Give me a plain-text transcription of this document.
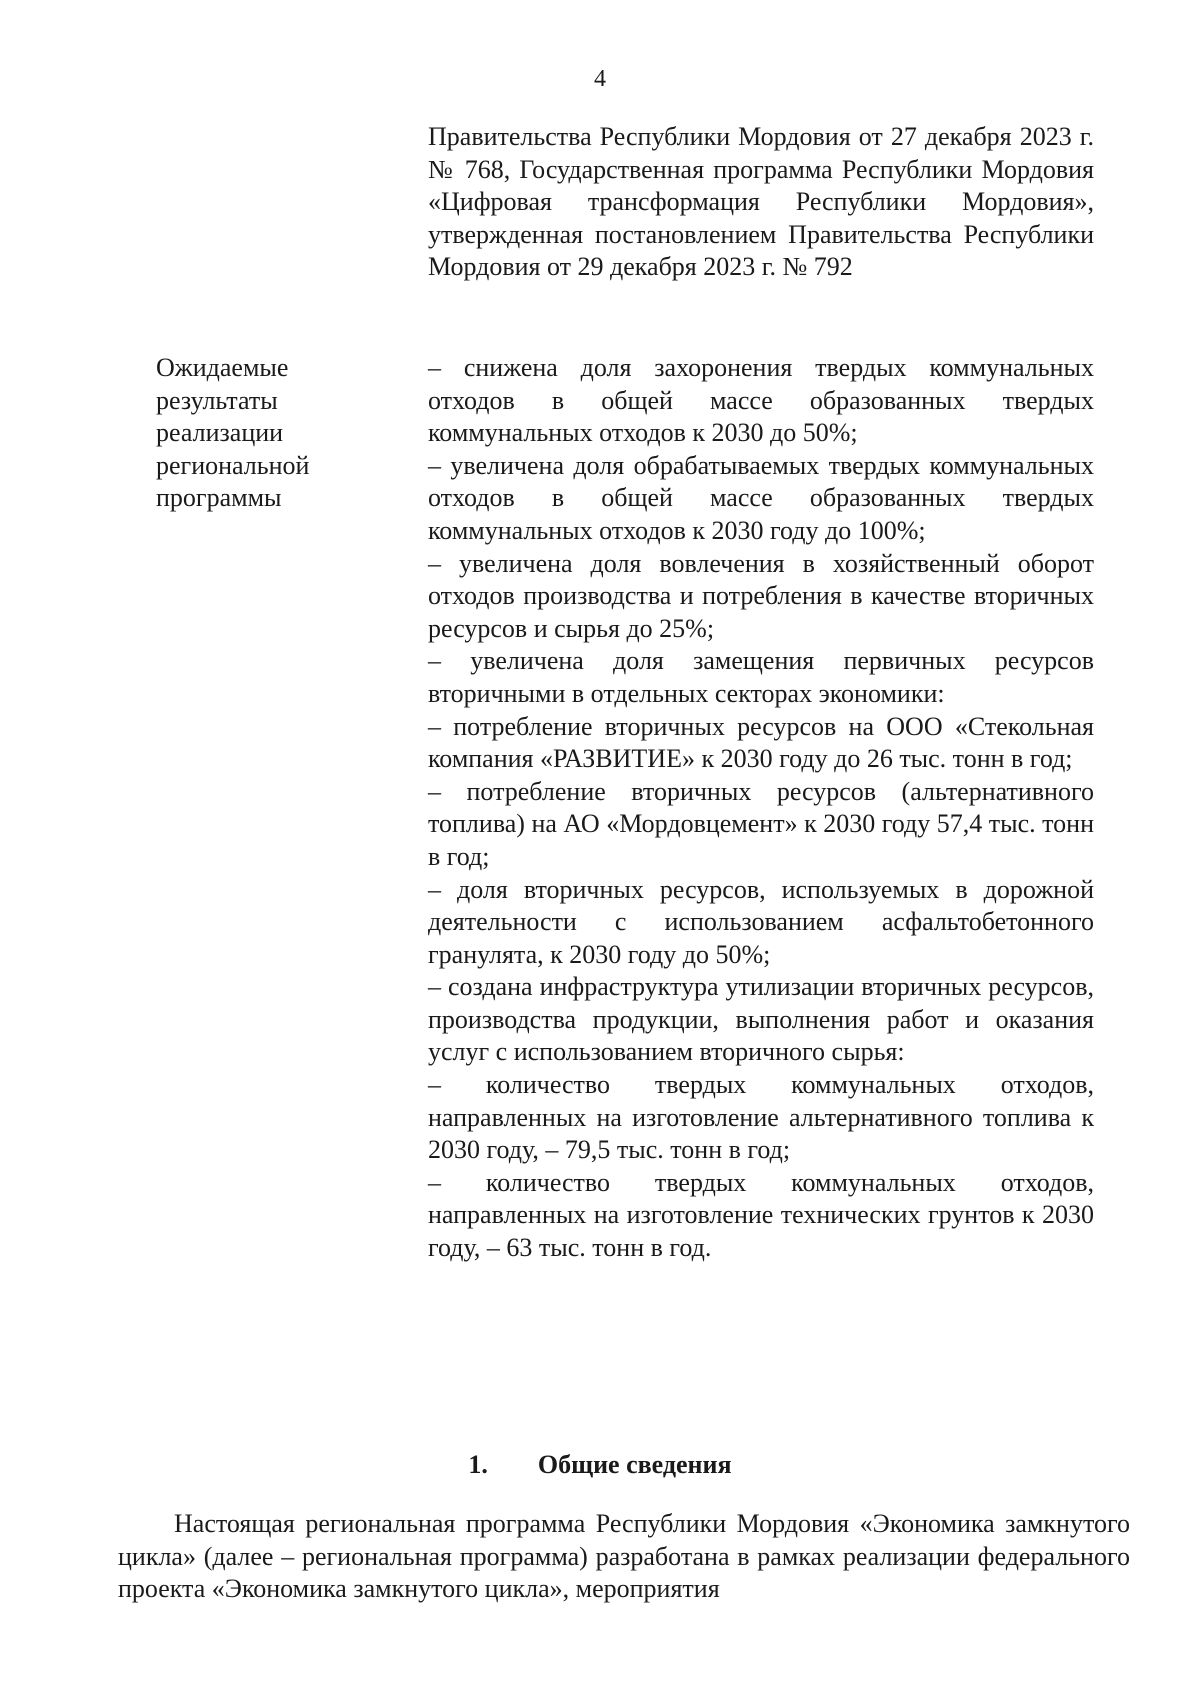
4
Правительства Республики Мордовия от 27 декабря 2023 г. № 768, Государственная программа Республики Мордовия «Цифровая трансформация Республики Мордовия», утвержденная постановлением Правительства Республики Мордовия от 29 декабря 2023 г. № 792
Ожидаемые результаты реализации региональной программы

– снижена доля захоронения твердых коммунальных отходов в общей массе образованных твердых коммунальных отходов к 2030 до 50%;

– увеличена доля обрабатываемых твердых коммунальных отходов в общей массе образованных твердых коммунальных отходов к 2030 году до 100%;

– увеличена доля вовлечения в хозяйственный оборот отходов производства и потребления в качестве вторичных ресурсов и сырья до 25%;

– увеличена доля замещения первичных ресурсов вторичными в отдельных секторах экономики:

– потребление вторичных ресурсов на ООО «Стекольная компания «РАЗВИТИЕ» к 2030 году до 26 тыс. тонн в год;

– потребление вторичных ресурсов (альтернативного топлива) на АО «Мордовцемент» к 2030 году 57,4 тыс. тонн в год;

– доля вторичных ресурсов, используемых в дорожной деятельности с использованием асфальтобетонного гранулята, к 2030 году до 50%;

– создана инфраструктура утилизации вторичных ресурсов, производства продукции, выполнения работ и оказания услуг с использованием вторичного сырья:

– количество твердых коммунальных отходов, направленных на изготовление альтернативного топлива к 2030 году, – 79,5 тыс. тонн в год;

– количество твердых коммунальных отходов, направленных на изготовление технических грунтов к 2030 году, – 63 тыс. тонн в год.

1. Общие сведения
Настоящая региональная программа Республики Мордовия «Экономика замкнутого цикла» (далее – региональная программа) разработана в рамках реализации федерального проекта «Экономика замкнутого цикла», мероприятия
